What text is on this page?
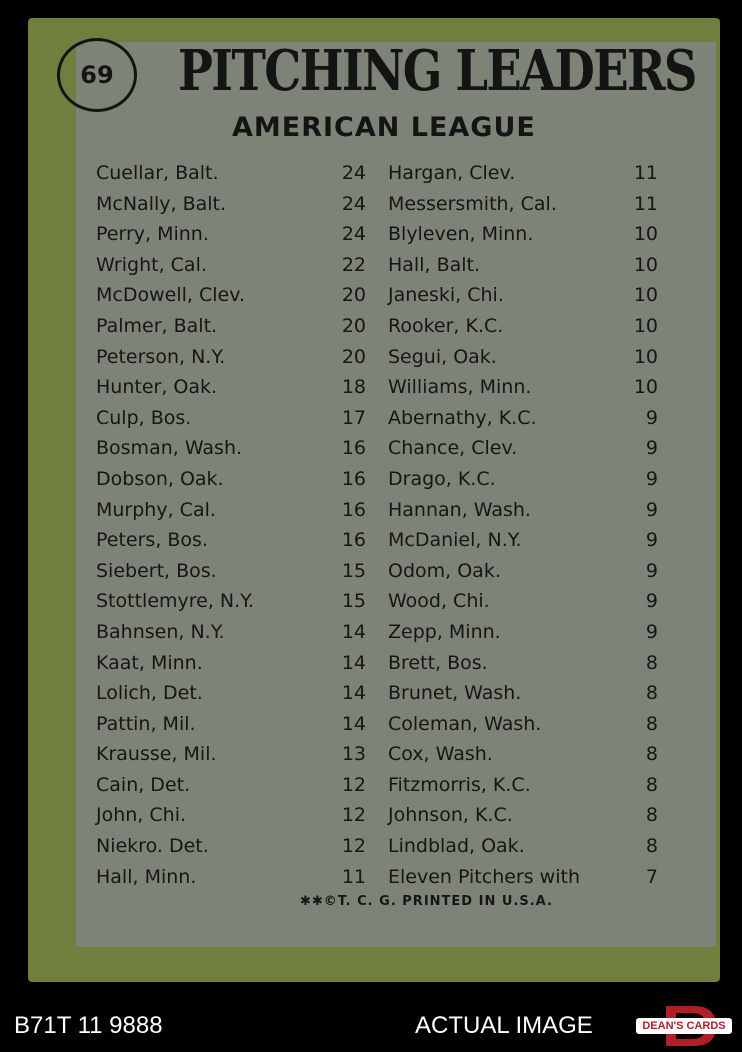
69 PITCHING LEADERS
AMERICAN LEAGUE
Cuellar, Balt.	24
McNally, Balt.	24
Perry, Minn.	24
Wright, Cal.	22
McDowell, Clev.	20
Palmer, Balt.	20
Peterson, N.Y.	20
Hunter, Oak.	18
Culp, Bos.	17
Bosman, Wash.	16
Dobson, Oak.	16
Murphy, Cal.	16
Peters, Bos.	16
Siebert, Bos.	15
Stottlemyre, N.Y.	15
Bahnsen, N.Y.	14
Kaat, Minn.	14
Lolich, Det.	14
Pattin, Mil.	14
Krausse, Mil.	13
Cain, Det.	12
John, Chi.	12
Niekro. Det.	12
Hall, Minn.	11
Hargan, Clev.	11
Messersmith, Cal.	11
Blyleven, Minn.	10
Hall, Balt.	10
Janeski, Chi.	10
Rooker, K.C.	10
Segui, Oak.	10
Williams, Minn.	10
Abernathy, K.C.	9
Chance, Clev.	9
Drago, K.C.	9
Hannan, Wash.	9
McDaniel, N.Y.	9
Odom, Oak.	9
Wood, Chi.	9
Zepp, Minn.	9
Brett, Bos.	8
Brunet, Wash.	8
Coleman, Wash.	8
Cox, Wash.	8
Fitzmorris, K.C.	8
Johnson, K.C.	8
Lindblad, Oak.	8
Eleven Pitchers with	7
✱✱©T. C. G. PRINTED IN U.S.A.
B71T 11 9888	ACTUAL IMAGE	DEAN'S CARDS
